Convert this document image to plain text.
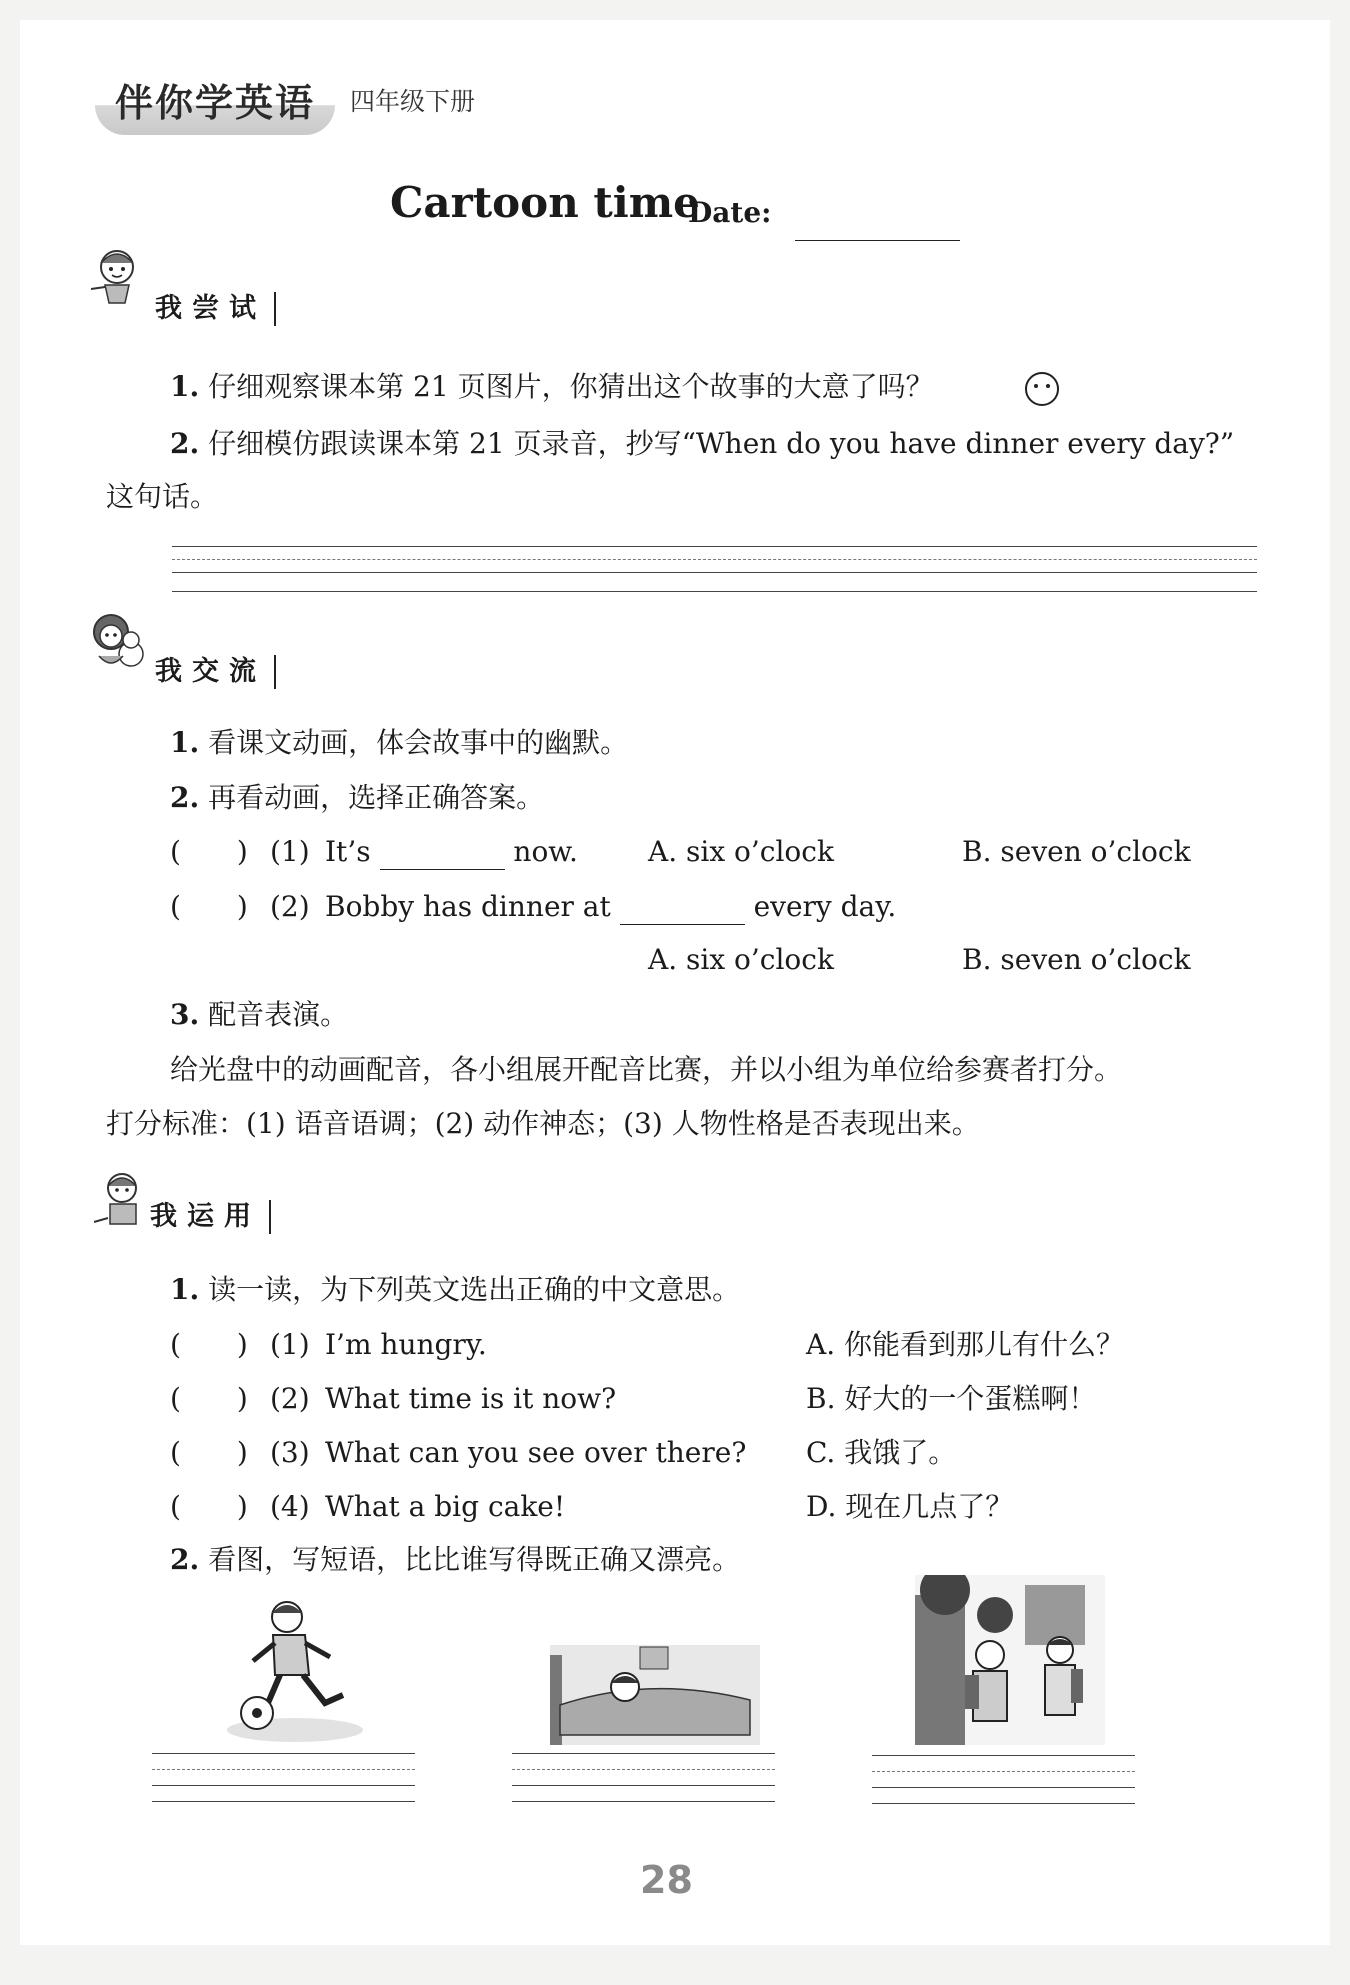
伴你学英语	四年级下册
Cartoon time
Date:
我尝试
1. 仔细观察课本第 21 页图片，你猜出这个故事的大意了吗？
2. 仔细模仿跟读课本第 21 页录音，抄写“When do you have dinner every day?”
这句话。
我交流
1. 看课文动画，体会故事中的幽默。
2. 再看动画，选择正确答案。
(　　) (1) It’s	now.	A. six o’clock	B. seven o’clock
(　　) (2) Bobby has dinner at	every day.
A. six o’clock	B. seven o’clock
3. 配音表演。
给光盘中的动画配音，各小组展开配音比赛，并以小组为单位给参赛者打分。
打分标准：(1) 语音语调；(2) 动作神态；(3) 人物性格是否表现出来。
我运用
1. 读一读，为下列英文选出正确的中文意思。
(　　) (1) I’m hungry.	A. 你能看到那儿有什么？
(　　) (2) What time is it now?	B. 好大的一个蛋糕啊！
(　　) (3) What can you see over there? C. 我饿了。
(　　) (4) What a big cake!	D. 现在几点了？
2. 看图，写短语，比比谁写得既正确又漂亮。
28
